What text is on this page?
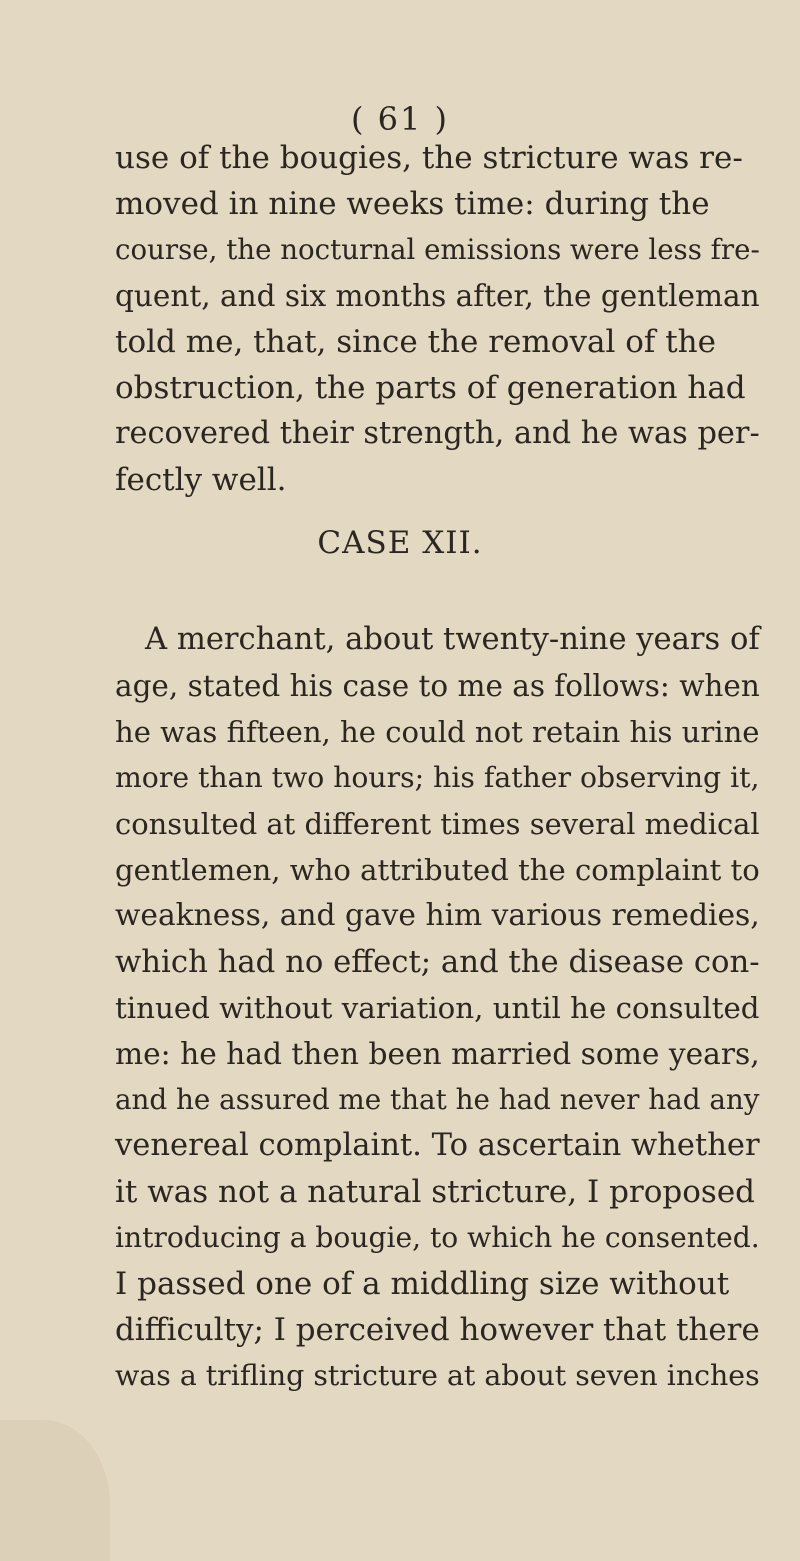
( 61 )

use of the bougies, the stricture was re-

moved in nine weeks time: during the

course, the nocturnal emissions were less fre-

quent, and six months after, the gentleman

told me, that, since the removal of the

obstruction, the parts of generation had

recovered their strength, and he was per-

fectly well.

CASE XII.

A merchant, about twenty-nine years of

age, stated his case to me as follows: when

he was fifteen, he could not retain his urine

more than two hours; his father observing it,

consulted at different times several medical

gentlemen, who attributed the complaint to

weakness, and gave him various remedies,

which had no effect; and the disease con-

tinued without variation, until he consulted

me: he had then been married some years,

and he assured me that he had never had any

venereal complaint. To ascertain whether

it was not a natural stricture, I proposed

introducing a bougie, to which he consented.

I passed one of a middling size without

difficulty; I perceived however that there

was a trifling stricture at about seven inches
